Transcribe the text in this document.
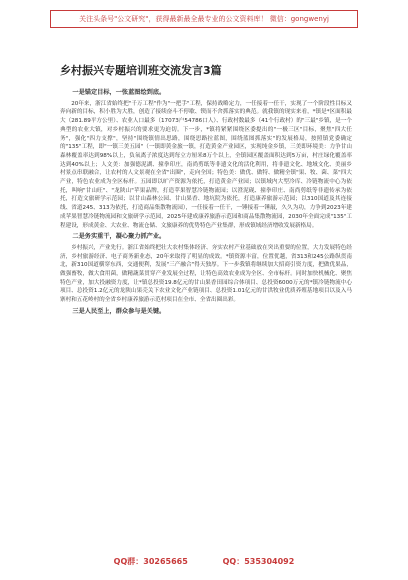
关注头条号"公文研究"，获得最新最全最专业的公文资料库！ 微信：gongwenyj
乡村振兴专题培训班交流发言3篇
一是锚定目标，一张蓝图绘到底。

20年来，浙江省始终把"千万工程"作为"一把手"工程，保持战略定力，一任接着一任干，实现了一个阶段性目标又奔向新的目标，积小胜为大胜，创造了接续奋斗不停歇、锲而不舍抓落实的典范。就我镇的现实来看，*镇是*区面积最大（281.89平方公里）、农业人口最多（17073户54786口人）、行政村数最多（41个行政村）的"三最"乡镇，是一个典型的农业大镇，对乡村振兴的要求更为迫切。下一步，*镇将紧紧围绕区委提出的"一极三区"目标，聚焦"四大任务"，强化"四力支撑"，坚持"围绕镇情出思路，围绕思路拉蓝图，围绕蓝图抓落实"的发展格局，按照镇党委确定的"135"工程，即"一镇三美五园"（一镇即黄金旅一镇，打造黄金产业园区，实现纯金乡镇，三美即环境美：力争甘山森林覆盖率达到98%以上，负氧离子浓度达到每立方厘米8万个以上，全镇园区覆盖面积达到5万亩，村庄绿化覆盖率达到40%以上；人文美：加强德泥湖、撞拳印庄，南尚剪纸等非遗文化的活化利用，将非遗文化、地域文化、美丽乡村景点串联融合，让农村的人文景观在全省"出圈"，走向全国；特色美：做优、做特、做精全镇"果、牧、菌、菜"四大产业，特色农业成为全区标杆。五园即以旷产资源为依托，打造黄金产业园；以镇域内大型冷库、冷链物流中心为依托，叫响"甘山旺"、"龙陕山"苹果品牌，打造苹果智慧冷链物流园；以澄泥砚、撞拳印庄、南尚剪纸等非遗传承为依托，打造文旅研学示范园；以甘山森林公园、甘山果香、地坑院为依托，打造康养旅游示范园；以310国道及其连接线、省道245、313为依托，打造商品集散物流园），一任接着一任干，一锤接着一锤敲，久久为功，力争到2023年建成苹果智慧冷链物流园和文旅研学示范园，2025年建成康养旅游示范园和商品集散物流园，2030年全面完成"135"工程建设，形成黄金、大农业、物流仓储、文旅康养的优势特色产业集群，形成镇域经济增收发展新格局。

二是务实重干，凝心聚力抓产业。

乡村振兴，产业先行。浙江省始终把壮大农村集体经济、夯实农村产业基础放在突出重要的位置，大力发展特色经济，乡村旅游经济、电子商务新业态，20年来取得了明显的成效。*镇资源丰富，位置优越，省313和245公路纵贯南北，新310国道横穿东西，交通便利，发展"三产融合"得天独厚。下一步我镇将继续加大招商引资力度，把做优果品，做强畜牧，做大食用菌，做精蔬菜贯穿产业发展全过程，让特色高效农业成为全区、全市标杆。同时加快机械化、聚焦特色产业，加大投融资力度，让*镇总投资19.8亿元的甘山果香田园综合体项目、总投资6000万元的*镇冷链物流中心项目、总投资1.2亿元的龙陕山果壳关下农业文化产业链项目、总投资1.01亿元的甘洪牧业优质养殖基地项目以及入马寨村和五花岭村的全省乡村康养旅游示范村项目在全市、全省出圈出彩。

三是人民至上，群众参与是关键。
QQ群：30265665	QQ：535304092
